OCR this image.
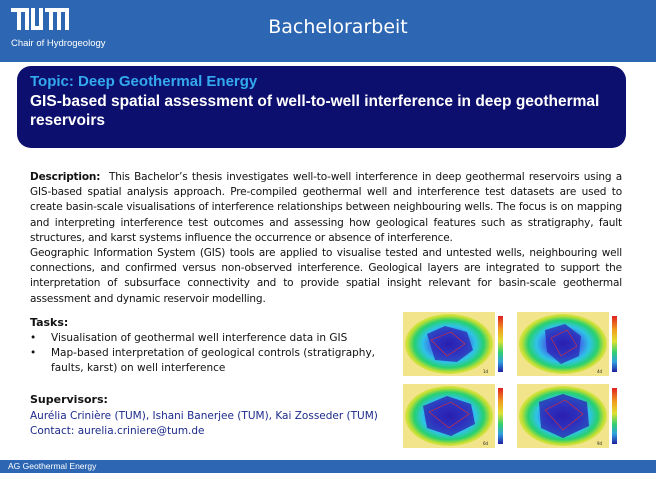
Chair of Hydrogeology
Bachelorarbeit
Topic: Deep Geothermal Energy
GIS-based spatial assessment of well-to-well interference in deep geothermal reservoirs
Description: This Bachelor’s thesis investigates well-to-well interference in deep geothermal reservoirs using a GIS-based spatial analysis approach. Pre-compiled geothermal well and interference test datasets are used to create basin-scale visualisations of interference relationships between neighbouring wells. The focus is on mapping and interpreting interference test outcomes and assessing how geological features such as stratigraphy, fault structures, and karst systems influence the occurrence or absence of interference.
Geographic Information System (GIS) tools are applied to visualise tested and untested wells, neighbouring well connections, and confirmed versus non-observed interference. Geological layers are integrated to support the interpretation of subsurface connectivity and to provide spatial insight relevant for basin-scale geothermal assessment and dynamic reservoir modelling.
Tasks:
• Visualisation of geothermal well interference data in GIS
• Map-based interpretation of geological controls (stratigraphy, faults, karst) on well interference
Supervisors:
Aurélia Crinière (TUM), Ishani Banerjee (TUM), Kai Zosseder (TUM)
Contact: aurelia.criniere@tum.de
1d	4d
6d	9d
AG Geothermal Energy
